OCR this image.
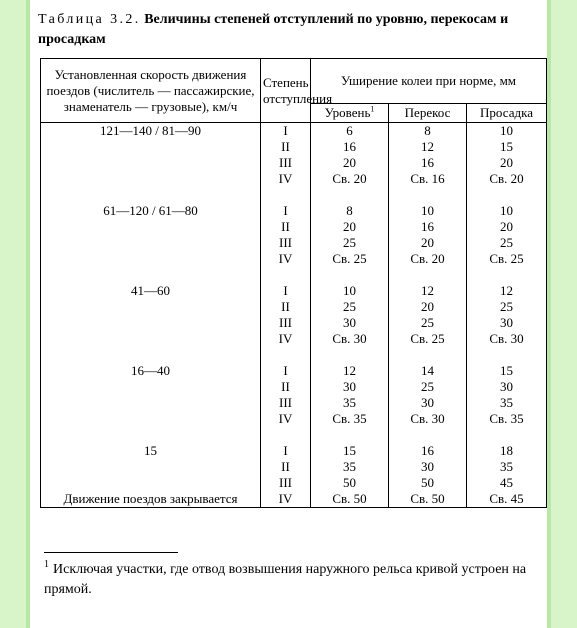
Таблица 3.2. Величины степеней отступлений по уровню, перекосам и просадкам
Установленная скорость движения поездов (числитель — пассажирские, знаменатель — грузовые), км/ч	Степень отступления	Уширение колеи при норме, мм		
		Уровень$^1$	Перекос	Просадка
121—140 / 81—90	I	6	8	10
	II	16	12	15
	III	20	16	20
	IV	Св. 20	Св. 16	Св. 20

61—120 / 61—80	I	8	10	10
	II	20	16	20
	III	25	20	25
	IV	Св. 25	Св. 20	Св. 25

41—60	I	10	12	12
	II	25	20	25
	III	30	25	30
	IV	Св. 30	Св. 25	Св. 30

16—40	I	12	14	15
	II	30	25	30
	III	35	30	35
	IV	Св. 35	Св. 30	Св. 35

15	I	15	16	18
	II	35	30	35
	III	50	50	45
Движение поездов закрывается	IV	Св. 50	Св. 50	Св. 45
$^1$ Исключая участки, где отвод возвышения наружного рельса кривой устроен на прямой.
